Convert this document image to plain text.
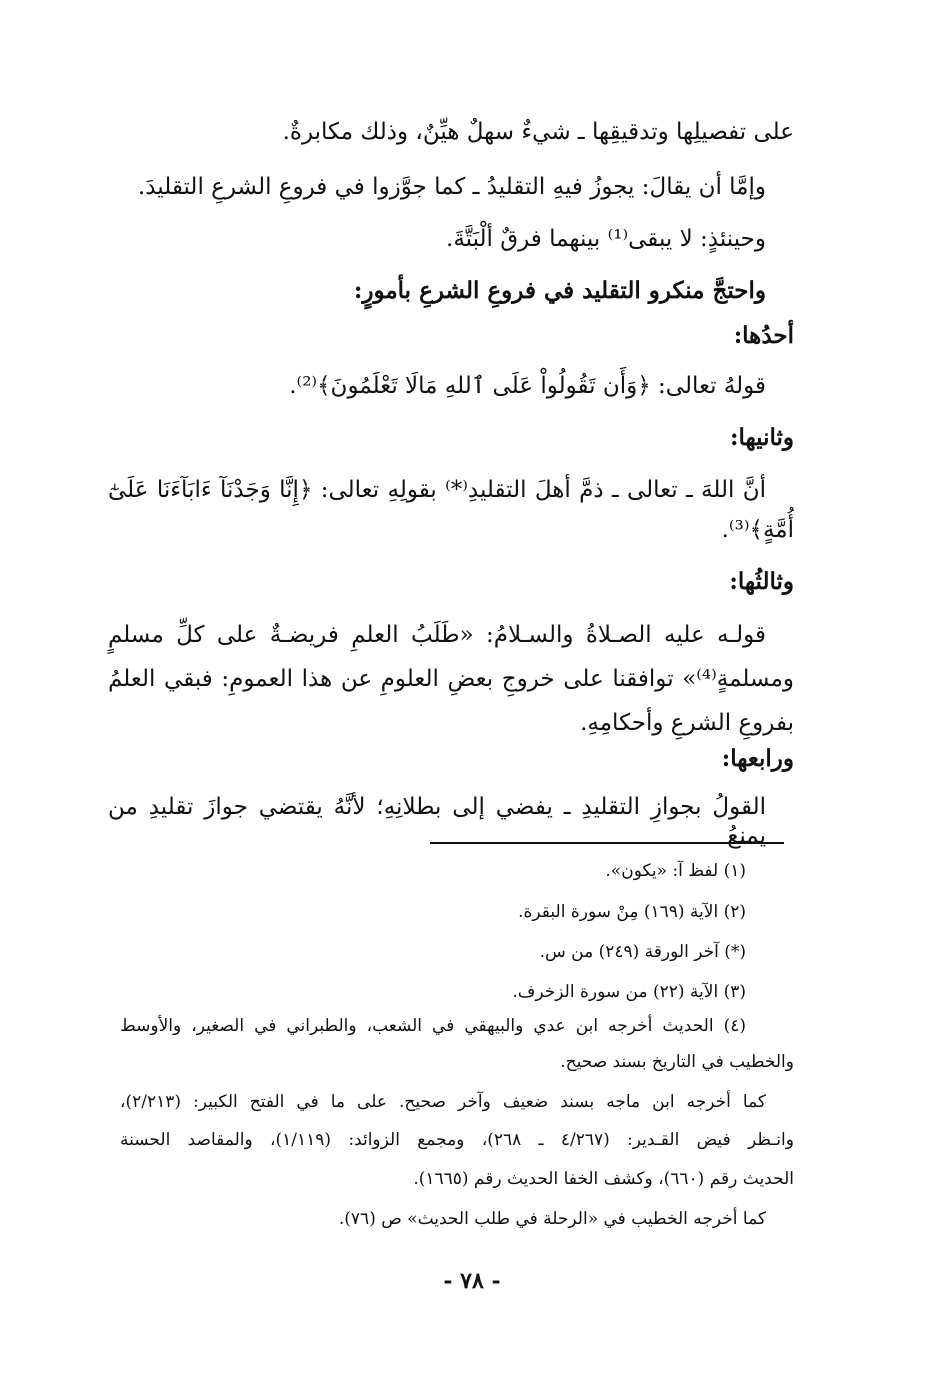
على تفصيلِها وتدقيقِها ـ شيءٌ سهلٌ هيِّنٌ، وذلك مكابرةٌ.
وإمَّا أن يقالَ: يجوزُ فيهِ التقليدُ ـ كما جوَّزوا في فروعِ الشرعِ التقليدَ.
وحينئذٍ: لا يبقى⁽¹⁾ بينهما فرقٌ ألْبَتَّةَ.
واحتجَّ منكرو التقليد في فروعِ الشرعِ بأمورٍ:
أحدُها:
قولهُ تعالى: ﴿وَأَن تَقُولُواْ عَلَى ٱللهِ مَالَا تَعْلَمُونَ﴾⁽²⁾.
وثانيها:
أنَّ اللهَ ـ تعالى ـ ذمَّ أهلَ التقليدِ⁽*⁾ بقولِهِ تعالى: ﴿إِنَّا وَجَدْنَآ ءَابَآءَنَا عَلَىٰٓ
أُمَّةٍ﴾⁽³⁾.
وثالثُها:
قولـه عليه الصـلاةُ والسـلامُ: «طَلَبُ العلمِ فريضـةٌ على كلِّ مسلمٍ
ومسلمةٍ⁽⁴⁾» توافقنا على خروجِ بعضِ العلومِ عن هذا العمومِ: فبقي العلمُ
بفروعِ الشرعِ وأحكامِهِ.
ورابعها:
القولُ بجوازِ التقليدِ ـ يفضي إلى بطلانِهِ؛ لأنَّهُ يقتضي جوازَ تقليدِ من يمنعُ
(١) لفظ آ: «يكون».
(٢) الآية (١٦٩) مِنْ سورة البقرة.
(*) آخر الورقة (٢٤٩) من س.
(٣) الآية (٢٢) من سورة الزخرف.
(٤) الحديث أخرجه ابن عدي والبيهقي في الشعب، والطبراني في الصغير، والأوسط
والخطيب في التاريخ بسند صحيح.
كما أخرجه ابن ماجه بسند ضعيف وآخر صحيح. على ما في الفتح الكبير: (٢/٢١٣)،
وانـظر فيض القـدير: (٤/٢٦٧ ـ ٢٦٨)، ومجمع الزوائد: (١/١١٩)، والمقاصد الحسنة
الحديث رقم (٦٦٠)، وكشف الخفا الحديث رقم (١٦٦٥).
كما أخرجه الخطيب في «الرحلة في طلب الحديث» ص (٧٦).
- ٧٨ -
